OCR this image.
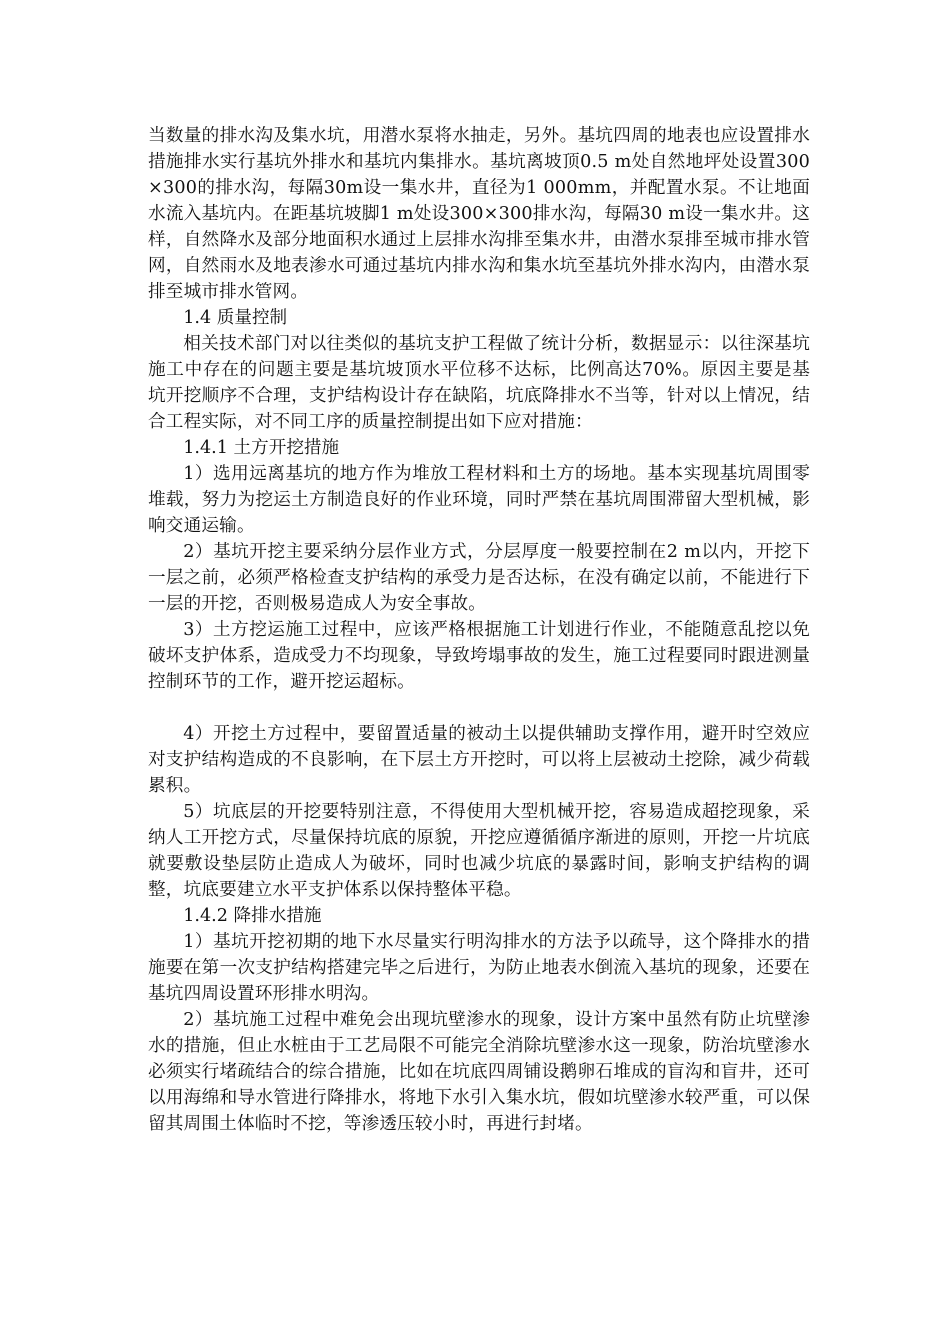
当数量的排水沟及集水坑，用潜水泵将水抽走，另外。基坑四周的地表也应设置排水措施排水实行基坑外排水和基坑内集排水。基坑离坡顶0.5 m处自然地坪处设置300×300的排水沟，每隔30m设一集水井，直径为1 000mm，并配置水泵。不让地面水流入基坑内。在距基坑坡脚1 m处设300×300排水沟，每隔30 m设一集水井。这样，自然降水及部分地面积水通过上层排水沟排至集水井，由潜水泵排至城市排水管网，自然雨水及地表渗水可通过基坑内排水沟和集水坑至基坑外排水沟内，由潜水泵排至城市排水管网。

1.4 质量控制

相关技术部门对以往类似的基坑支护工程做了统计分析，数据显示：以往深基坑施工中存在的问题主要是基坑坡顶水平位移不达标，比例高达70%。原因主要是基坑开挖顺序不合理，支护结构设计存在缺陷，坑底降排水不当等，针对以上情况，结合工程实际，对不同工序的质量控制提出如下应对措施：

1.4.1 土方开挖措施

1）选用远离基坑的地方作为堆放工程材料和土方的场地。基本实现基坑周围零堆载，努力为挖运土方制造良好的作业环境，同时严禁在基坑周围滞留大型机械，影响交通运输。

2）基坑开挖主要采纳分层作业方式，分层厚度一般要控制在2 m以内，开挖下一层之前，必须严格检查支护结构的承受力是否达标，在没有确定以前，不能进行下一层的开挖，否则极易造成人为安全事故。

3）土方挖运施工过程中，应该严格根据施工计划进行作业，不能随意乱挖以免破坏支护体系，造成受力不均现象，导致垮塌事故的发生，施工过程要同时跟进测量控制环节的工作，避开挖运超标。

4）开挖土方过程中，要留置适量的被动土以提供辅助支撑作用，避开时空效应对支护结构造成的不良影响，在下层土方开挖时，可以将上层被动土挖除，减少荷载累积。

5）坑底层的开挖要特别注意，不得使用大型机械开挖，容易造成超挖现象，采纳人工开挖方式，尽量保持坑底的原貌，开挖应遵循循序渐进的原则，开挖一片坑底就要敷设垫层防止造成人为破坏，同时也减少坑底的暴露时间，影响支护结构的调整，坑底要建立水平支护体系以保持整体平稳。

1.4.2 降排水措施

1）基坑开挖初期的地下水尽量实行明沟排水的方法予以疏导，这个降排水的措施要在第一次支护结构搭建完毕之后进行，为防止地表水倒流入基坑的现象，还要在基坑四周设置环形排水明沟。

2）基坑施工过程中难免会出现坑壁渗水的现象，设计方案中虽然有防止坑壁渗水的措施，但止水桩由于工艺局限不可能完全消除坑壁渗水这一现象，防治坑壁渗水必须实行堵疏结合的综合措施，比如在坑底四周铺设鹅卵石堆成的盲沟和盲井，还可以用海绵和导水管进行降排水，将地下水引入集水坑，假如坑壁渗水较严重，可以保留其周围土体临时不挖，等渗透压较小时，再进行封堵。
